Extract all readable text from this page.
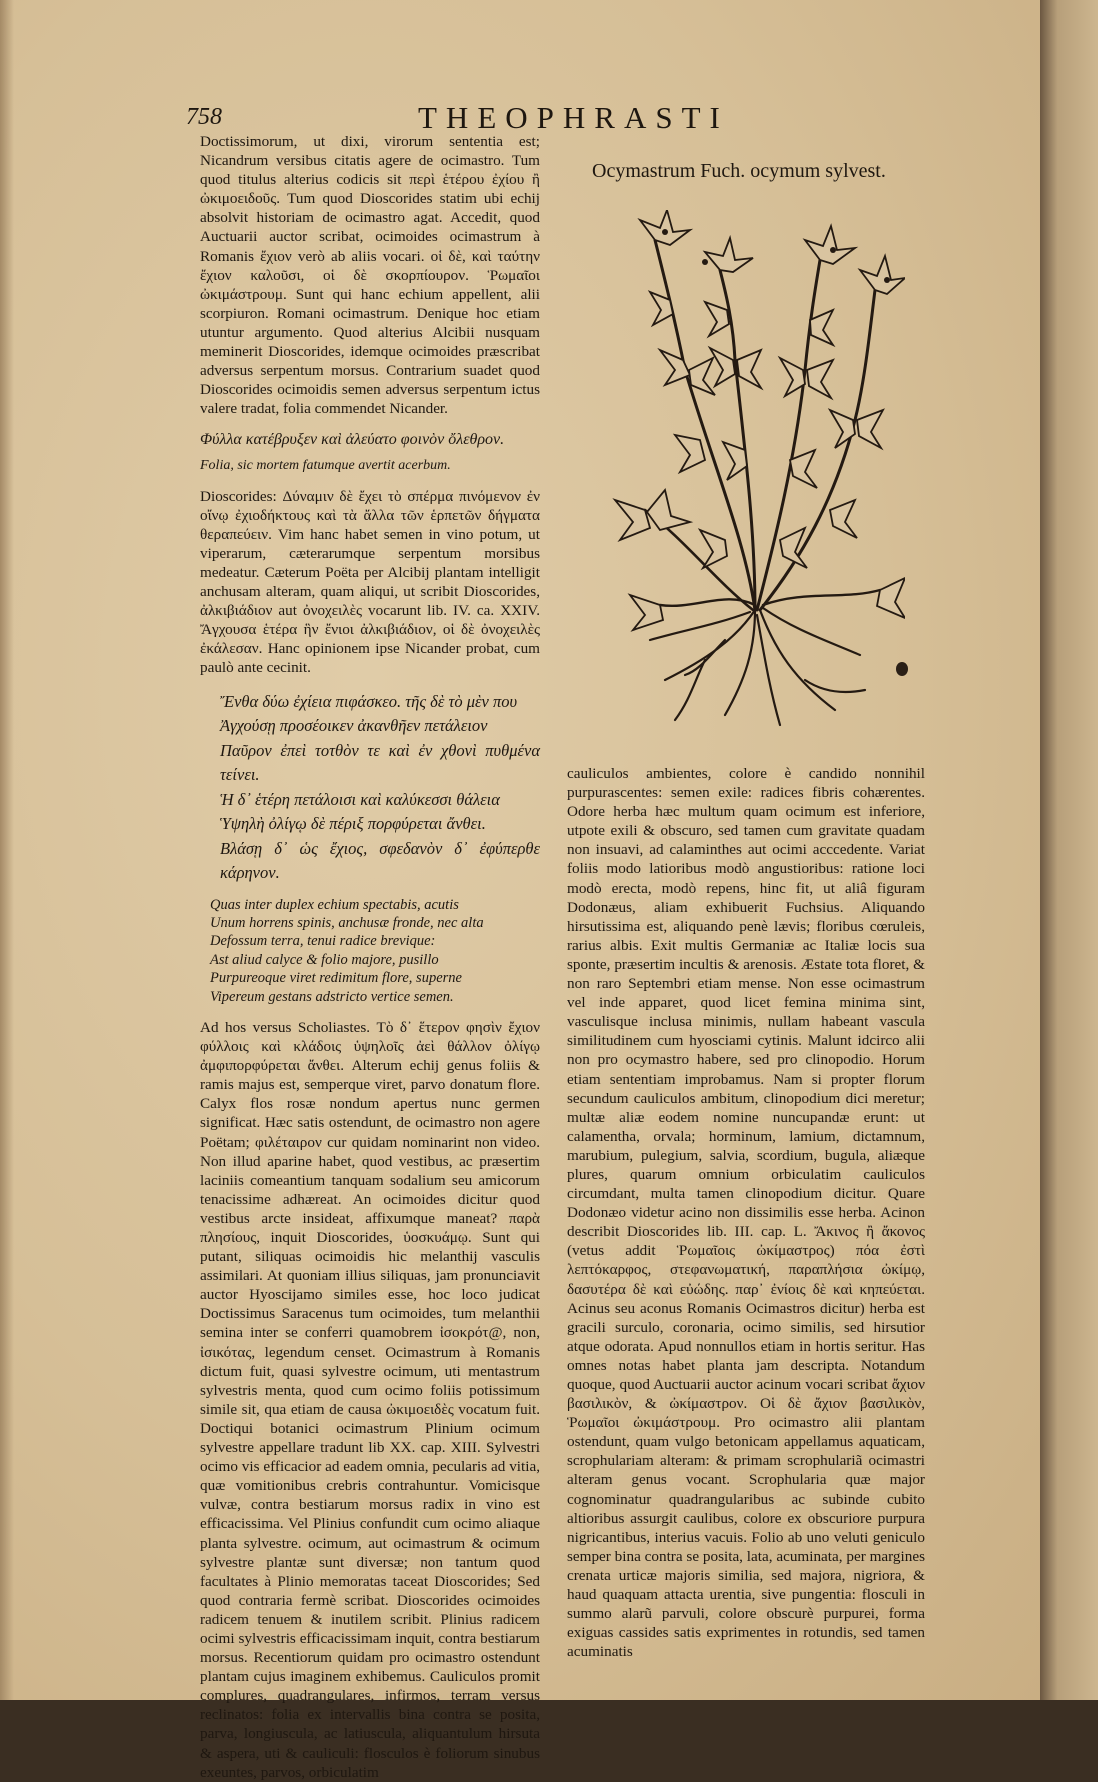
758	THEOPHRASTI

Doctissimorum, ut dixi, virorum sententia est; Nicandrum versibus citatis agere de ocimastro. Tum quod titulus alterius codicis sit περὶ ἑτέρου ἐχίου ἢ ὠκιμοειδοῦς. Tum quod Dioscorides statim ubi echij absolvit historiam de ocimastro agat. Accedit, quod Auctuarii auctor scribat, ocimoides ocimastrum à Romanis ἔχιον verò ab aliis vocari. οἱ δὲ, καὶ ταύτην ἔχιον καλοῦσι, οἱ δὲ σκορπίουρον. Ῥωμαῖοι ὠκιμάστρουμ. Sunt qui hanc echium appellent, alii scorpiuron. Romani ocimastrum. Denique hoc etiam utuntur argumento. Quod alterius Alcibii nusquam meminerit Dioscorides, idemque ocimoides præscribat adversus serpentum morsus. Contrarium suadet quod Dioscorides ocimoidis semen adversus serpentum ictus valere tradat, folia commendet Nicander.

Φύλλα κατέβρυξεν καὶ ἀλεύατο φοινὸν ὄλεθρον.
Folia, sic mortem fatumque avertit acerbum.

Dioscorides: Δύναμιν δὲ ἔχει τὸ σπέρμα πινόμενον ἐν οἴνῳ ἐχιοδήκτους καὶ τὰ ἄλλα τῶν ἑρπετῶν δήγματα θεραπεύειν. Vim hanc habet semen in vino potum, ut viperarum, cæterarumque serpentum morsibus medeatur. Cæterum Poëta per Alcibij plantam intelligit anchusam alteram, quam aliqui, ut scribit Dioscorides, ἀλκιβιάδιον aut ὀνοχειλὲς vocarunt lib. IV. ca. XXIV. Ἄγχουσα ἑτέρα ἣν ἔνιοι ἀλκιβιάδιον, οἱ δὲ ὀνοχειλὲς ἐκάλεσαν. Hanc opinionem ipse Nicander probat, cum paulò ante cecinit.

Ἔνθα δύω ἐχίεια πιφάσκεο. τῆς δὲ τὸ μὲν που
Ἀγχούσῃ προσέοικεν ἀκανθῆεν πετάλειον
Παῦρον ἐπεὶ τοτθὸν τε καὶ ἐν χθονὶ πυθμένα τείνει.
Ἡ δ᾽ ἑτέρη πετάλοισι καὶ καλύκεσσι θάλεια
Ὑψηλὴ ὀλίγῳ δὲ πέριξ πορφύρεται ἄνθει.
Βλάσῃ δ᾽ ὡς ἔχιος, σφεδανὸν δ᾽ ἐφύπερθε κάρηνον.
Quas inter duplex echium spectabis, acutis
Unum horrens spinis, anchusæ fronde, nec alta
Defossum terra, tenui radice brevique:
Ast aliud calyce & folio majore, pusillo
Purpureoque viret redimitum flore, superne
Vipereum gestans adstricto vertice semen.

Ad hos versus Scholiastes. Τὸ δ᾽ ἕτερον φησὶν ἔχιον φύλλοις καὶ κλάδοις ὑψηλοῖς ἀεὶ θάλλον ὀλίγῳ ἀμφιπορφύρεται ἄνθει. Alterum echij genus foliis & ramis majus est, semperque viret, parvo donatum flore. Calyx flos rosæ nondum apertus nunc germen significat. Hæc satis ostendunt, de ocimastro non agere Poëtam; φιλέταιρον cur quidam nominarint non video. Non illud aparine habet, quod vestibus, ac præsertim laciniis comeantium tanquam sodalium seu amicorum tenacissime adhæreat. An ocimoides dicitur quod vestibus arcte insideat, affixumque maneat? παρὰ πλησίους, inquit Dioscorides, ὑοσκυάμῳ. Sunt qui putant, siliquas ocimoidis hic melanthij vasculis assimilari. At quoniam illius siliquas, jam pronunciavit auctor Hyoscijamo similes esse, hoc loco judicat Doctissimus Saracenus tum ocimoides, tum melanthii semina inter se conferri quamobrem ἰσοκρότ@, non, ἰσικότας, legendum censet. Ocimastrum à Romanis dictum fuit, quasi sylvestre ocimum, uti mentastrum sylvestris menta, quod cum ocimo foliis potissimum simile sit, qua etiam de causa ὠκιμοειδὲς vocatum fuit. Doctiqui botanici ocimastrum Plinium ocimum sylvestre appellare tradunt lib XX. cap. XIII. Sylvestri ocimo vis efficacior ad eadem omnia, pecularis ad vitia, quæ vomitionibus crebris contrahuntur. Vomicisque vulvæ, contra bestiarum morsus radix in vino est efficacissima. Vel Plinius confundit cum ocimo aliaque planta sylvestre. ocimum, aut ocimastrum & ocimum sylvestre plantæ sunt diversæ; non tantum quod facultates à Plinio memoratas taceat Dioscorides; Sed quod contraria fermè scribat. Dioscorides ocimoides radicem tenuem & inutilem scribit. Plinius radicem ocimi sylvestris efficacissimam inquit, contra bestiarum morsus. Recentiorum quidam pro ocimastro ostendunt plantam cujus imaginem exhibemus. Cauliculos promit complures, quadrangulares, infirmos, terram versus reclinatos: folia ex intervallis bina contra se posita, parva, longiuscula, ac latiuscula, aliquantulum hirsuta & aspera, uti & cauliculi: flosculos è foliorum sinubus exeuntes, parvos, orbiculatim

Ocymastrum Fuch. ocymum sylvest.

cauliculos ambientes, colore è candido nonnihil purpurascentes: semen exile: radices fibris cohærentes. Odore herba hæc multum quam ocimum est inferiore, utpote exili & obscuro, sed tamen cum gravitate quadam non insuavi, ad calaminthes aut ocimi acccedente. Variat foliis modo latioribus modò angustioribus: ratione loci modò erecta, modò repens, hinc fit, ut aliâ figuram Dodonæus, aliam exhibuerit Fuchsius. Aliquando hirsutissima est, aliquando penè lævis; floribus cœruleis, rarius albis. Exit multis Germaniæ ac Italiæ locis sua sponte, præsertim incultis & arenosis. Æstate tota floret, & non raro Septembri etiam mense. Non esse ocimastrum vel inde apparet, quod licet femina minima sint, vasculisque inclusa minimis, nullam habeant vascula similitudinem cum hyosciami cytinis. Malunt idcirco alii non pro ocymastro habere, sed pro clinopodio. Horum etiam sententiam improbamus. Nam si propter florum secundum cauliculos ambitum, clinopodium dici meretur; multæ aliæ eodem nomine nuncupandæ erunt: ut calamentha, orvala; horminum, lamium, dictamnum, marubium, pulegium, salvia, scordium, bugula, aliæque plures, quarum omnium orbiculatim cauliculos circumdant, multa tamen clinopodium dicitur. Quare Dodonæo videtur acino non dissimilis esse herba. Acinon describit Dioscorides lib. III. cap. L. Ἄκινος ἢ ἄκονος (vetus addit Ῥωμαῖοις ὠκίμαστρος) πόα ἐστὶ λεπτόκαρφος, στεφανωματική, παραπλήσια ὠκίμῳ, δασυτέρα δὲ καὶ εὐώδης. παρ᾽ ἐνίοις δὲ καὶ κηπεύεται. Acinus seu aconus Romanis Ocimastros dicitur) herba est gracili surculo, coronaria, ocimo similis, sed hirsutior atque odorata. Apud nonnullos etiam in hortis seritur. Has omnes notas habet planta jam descripta. Notandum quoque, quod Auctuarii auctor acinum vocari scribat ἄχιον βασιλικὸν, & ὠκίμαστρον. Οἱ δὲ ἄχιον βασιλικὸν, Ῥωμαῖοι ὠκιμάστρουμ. Pro ocimastro alii plantam ostendunt, quam vulgo betonicam appellamus aquaticam, scrophulariam alteram: & primam scrophulariã ocimastri alteram genus vocant. Scrophularia quæ major cognominatur quadrangularibus ac subinde cubito altioribus assurgit caulibus, colore ex obscuriore purpura nigricantibus, interius vacuis. Folio ab uno veluti geniculo semper bina contra se posita, lata, acuminata, per margines crenata urticæ majoris similia, sed majora, nigriora, & haud quaquam attacta urentia, sive pungentia: flosculi in summo alarũ parvuli, colore obscurè purpurei, forma exiguas cassides satis exprimentes in rotundis, sed tamen acuminatis
